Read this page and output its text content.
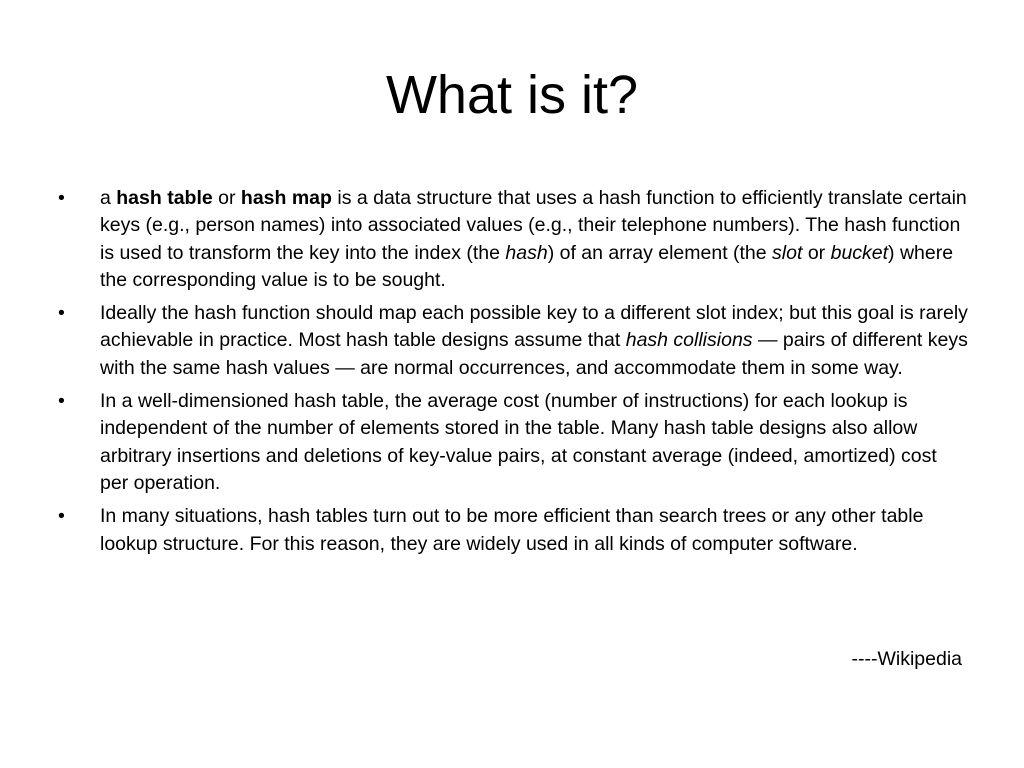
What is it?
• a hash table or hash map is a data structure that uses a hash function to efficiently translate certain keys (e.g., person names) into associated values (e.g., their telephone numbers). The hash function is used to transform the key into the index (the hash) of an array element (the slot or bucket) where the corresponding value is to be sought.
• Ideally the hash function should map each possible key to a different slot index; but this goal is rarely achievable in practice. Most hash table designs assume that hash collisions — pairs of different keys with the same hash values — are normal occurrences, and accommodate them in some way.
• In a well-dimensioned hash table, the average cost (number of instructions) for each lookup is independent of the number of elements stored in the table. Many hash table designs also allow arbitrary insertions and deletions of key-value pairs, at constant average (indeed, amortized) cost per operation.
• In many situations, hash tables turn out to be more efficient than search trees or any other table lookup structure. For this reason, they are widely used in all kinds of computer software.
----Wikipedia
